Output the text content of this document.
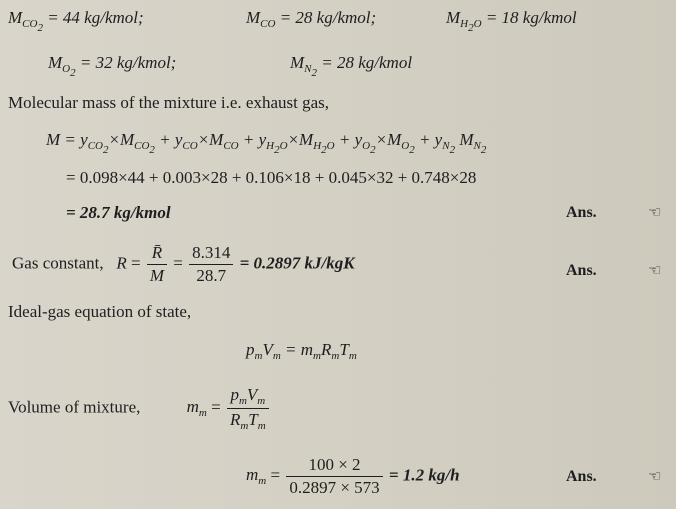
$M_{CO_2} = 44$ kg/kmol;	$M_{CO} = 28$ kg/kmol;	$M_{H_2O} = 18$ kg/kmol
$M_{O_2} = 32$ kg/kmol;	$M_{N_2} = 28$ kg/kmol
Molecular mass of the mixture i.e. exhaust gas,
$M = y_{CO_2}\times M_{CO_2} + y_{CO}\times M_{CO} + y_{H_2O}\times M_{H_2O} + y_{O_2}\times M_{O_2} + y_{N_2}$ $M_{N_2}$
= 0.098×44 + 0.003×28 + 0.106×18 + 0.045×32 + 0.748×28
= 28.7 kg/kmol	Ans.	☜
Gas constant, $R = \frac{R̄}{M} = \frac{8.314}{28.7} = 0.2897$ kJ/kgK	Ans.	☜
Ideal-gas equation of state,
$p_mV_m = m_mR_mT_m$
Volume of mixture,	$m_m = \frac{p_mV_m}{R_mT_m}$
$m_m = \frac{100 \times 2}{0.2897 \times 573} = 1.2$ kg/h	Ans.	☜
